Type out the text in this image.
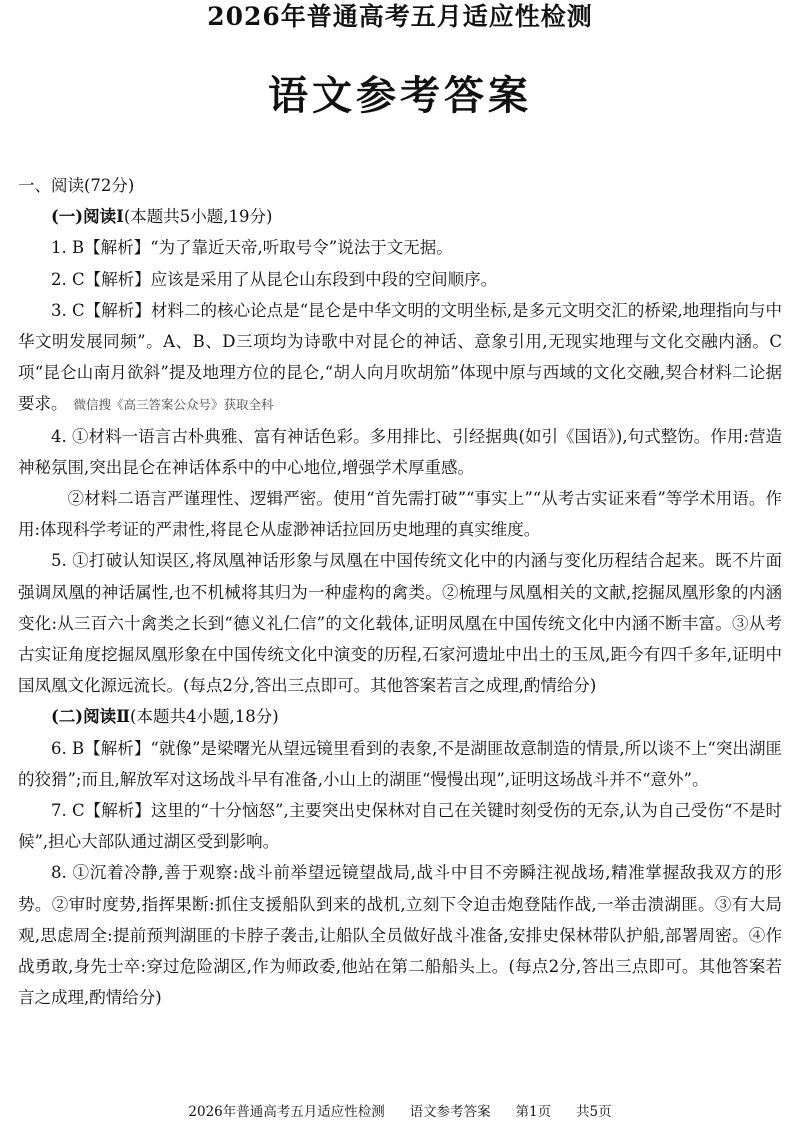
2026年普通高考五月适应性检测
语文参考答案

一、阅读(72分)

(一)阅读Ⅰ(本题共5小题,19分)

1. B【解析】“为了靠近天帝,听取号令”说法于文无据。

2. C【解析】应该是采用了从昆仑山东段到中段的空间顺序。

3. C【解析】材料二的核心论点是“昆仑是中华文明的文明坐标,是多元文明交汇的桥梁,地理指向与中华文明发展同频”。A、B、D三项均为诗歌中对昆仑的神话、意象引用,无现实地理与文化交融内涵。C项“昆仑山南月欲斜”提及地理方位的昆仑,“胡人向月吹胡笳”体现中原与西域的文化交融,契合材料二论据要求。 微信搜《高三答案公众号》获取全科

4. ①材料一语言古朴典雅、富有神话色彩。多用排比、引经据典(如引《国语》),句式整饬。作用:营造神秘氛围,突出昆仑在神话体系中的中心地位,增强学术厚重感。

②材料二语言严谨理性、逻辑严密。使用“首先需打破”“事实上”“从考古实证来看”等学术用语。作用:体现科学考证的严肃性,将昆仑从虚渺神话拉回历史地理的真实维度。

5. ①打破认知误区,将凤凰神话形象与凤凰在中国传统文化中的内涵与变化历程结合起来。既不片面强调凤凰的神话属性,也不机械将其归为一种虚构的禽类。②梳理与凤凰相关的文献,挖掘凤凰形象的内涵变化:从三百六十禽类之长到“德义礼仁信”的文化载体,证明凤凰在中国传统文化中内涵不断丰富。③从考古实证角度挖掘凤凰形象在中国传统文化中演变的历程,石家河遗址中出土的玉凤,距今有四千多年,证明中国凤凰文化源远流长。(每点2分,答出三点即可。其他答案若言之成理,酌情给分)

(二)阅读Ⅱ(本题共4小题,18分)

6. B【解析】“就像”是梁曙光从望远镜里看到的表象,不是湖匪故意制造的情景,所以谈不上“突出湖匪的狡猾”;而且,解放军对这场战斗早有准备,小山上的湖匪“慢慢出现”,证明这场战斗并不“意外”。

7. C【解析】这里的“十分恼怒”,主要突出史保林对自己在关键时刻受伤的无奈,认为自己受伤“不是时候”,担心大部队通过湖区受到影响。

8. ①沉着冷静,善于观察:战斗前举望远镜望战局,战斗中目不旁瞬注视战场,精准掌握敌我双方的形势。②审时度势,指挥果断:抓住支援船队到来的战机,立刻下令迫击炮登陆作战,一举击溃湖匪。③有大局观,思虑周全:提前预判湖匪的卡脖子袭击,让船队全员做好战斗准备,安排史保林带队护船,部署周密。④作战勇敢,身先士卒:穿过危险湖区,作为师政委,他站在第二船船头上。(每点2分,答出三点即可。其他答案若言之成理,酌情给分)

2026年普通高考五月适应性检测 语文参考答案 第1页 共5页
